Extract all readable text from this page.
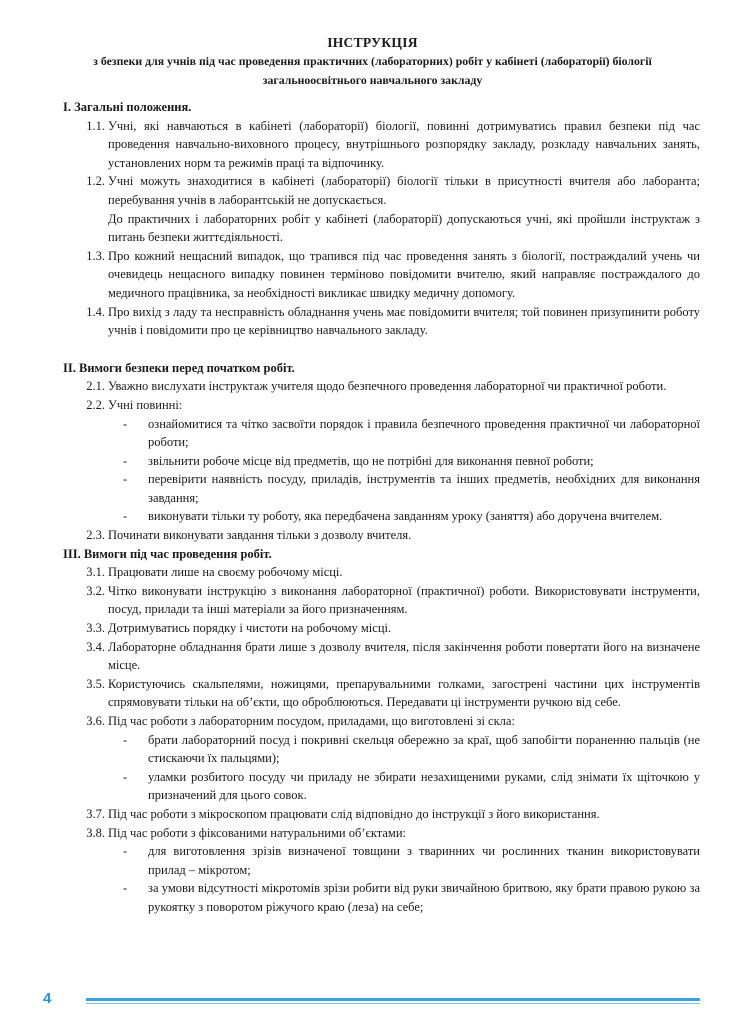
ІНСТРУКЦІЯ
з безпеки для учнів під час проведення практичних (лабораторних) робіт у кабінеті (лабораторії) біології
загальноосвітнього навчального закладу
І. Загальні положення.
1.1. Учні, які навчаються в кабінеті (лабораторії) біології, повинні дотримуватись правил безпеки під час проведення навчально-виховного процесу, внутрішнього розпорядку закладу, розкладу навчальних занять, установлених норм та режимів праці та відпочинку.
1.2. Учні можуть знаходитися в кабінеті (лабораторії) біології тільки в присутності вчителя або лаборанта; перебування учнів в лаборантській не допускається.

До практичних і лабораторних робіт у кабінеті (лабораторії) допускаються учні, які пройшли інструктаж з питань безпеки життєдіяльності.

1.3. Про кожний нещасний випадок, що трапився під час проведення занять з біології, постраждалий учень чи очевидець нещасного випадку повинен терміново повідомити вчителю, який направляє постраждалого до медичного працівника, за необхідності викликає швидку медичну допомогу.
1.4. Про вихід з ладу та несправність обладнання учень має повідомити вчителя; той повинен призупинити роботу учнів і повідомити про це керівництво навчального закладу.
ІІ. Вимоги безпеки перед початком робіт.
2.1. Уважно вислухати інструктаж учителя щодо безпечного проведення лабораторної чи практичної роботи.
2.2. Учні повинні:
-	ознайомитися та чітко засвоїти порядок і правила безпечного проведення практичної чи лабораторної роботи;
-	звільнити робоче місце від предметів, що не потрібні для виконання певної роботи;
-	перевірити наявність посуду, приладів, інструментів та інших предметів, необхідних для виконання завдання;
-	виконувати тільки ту роботу, яка передбачена завданням уроку (заняття) або доручена вчителем.
2.3. Починати виконувати завдання тільки з дозволу вчителя.
ІІІ. Вимоги під час проведення робіт.
3.1. Працювати лише на своєму робочому місці.
3.2. Чітко виконувати інструкцію з виконання лабораторної (практичної) роботи. Використовувати інструменти, посуд, прилади та інші матеріали за його призначенням.
3.3. Дотримуватись порядку і чистоти на робочому місці.
3.4. Лабораторне обладнання брати лише з дозволу вчителя, після закінчення роботи повертати його на визначене місце.
3.5. Користуючись скальпелями, ножицями, препарувальними голками, загострені частини цих інструментів спрямовувати тільки на об’єкти, що оброблюються. Передавати ці інструменти ручкою від себе.
3.6. Під час роботи з лабораторним посудом, приладами, що виготовлені зі скла:
-	брати лабораторний посуд і покривні скельця обережно за краї, щоб запобігти пораненню пальців (не стискаючи їх пальцями);
-	уламки розбитого посуду чи приладу не збирати незахищеними руками, слід знімати їх щіточкою у призначений для цього совок.
3.7. Під час роботи з мікроскопом працювати слід відповідно до інструкції з його використання.
3.8. Під час роботи з фіксованими натуральними об’єктами:
-	для виготовлення зрізів визначеної товщини з тваринних чи рослинних тканин використовувати прилад – мікротом;
-	за умови відсутності мікротомів зрізи робити від руки звичайною бритвою, яку брати правою рукою за рукоятку з поворотом ріжучого краю (леза) на себе;
4
